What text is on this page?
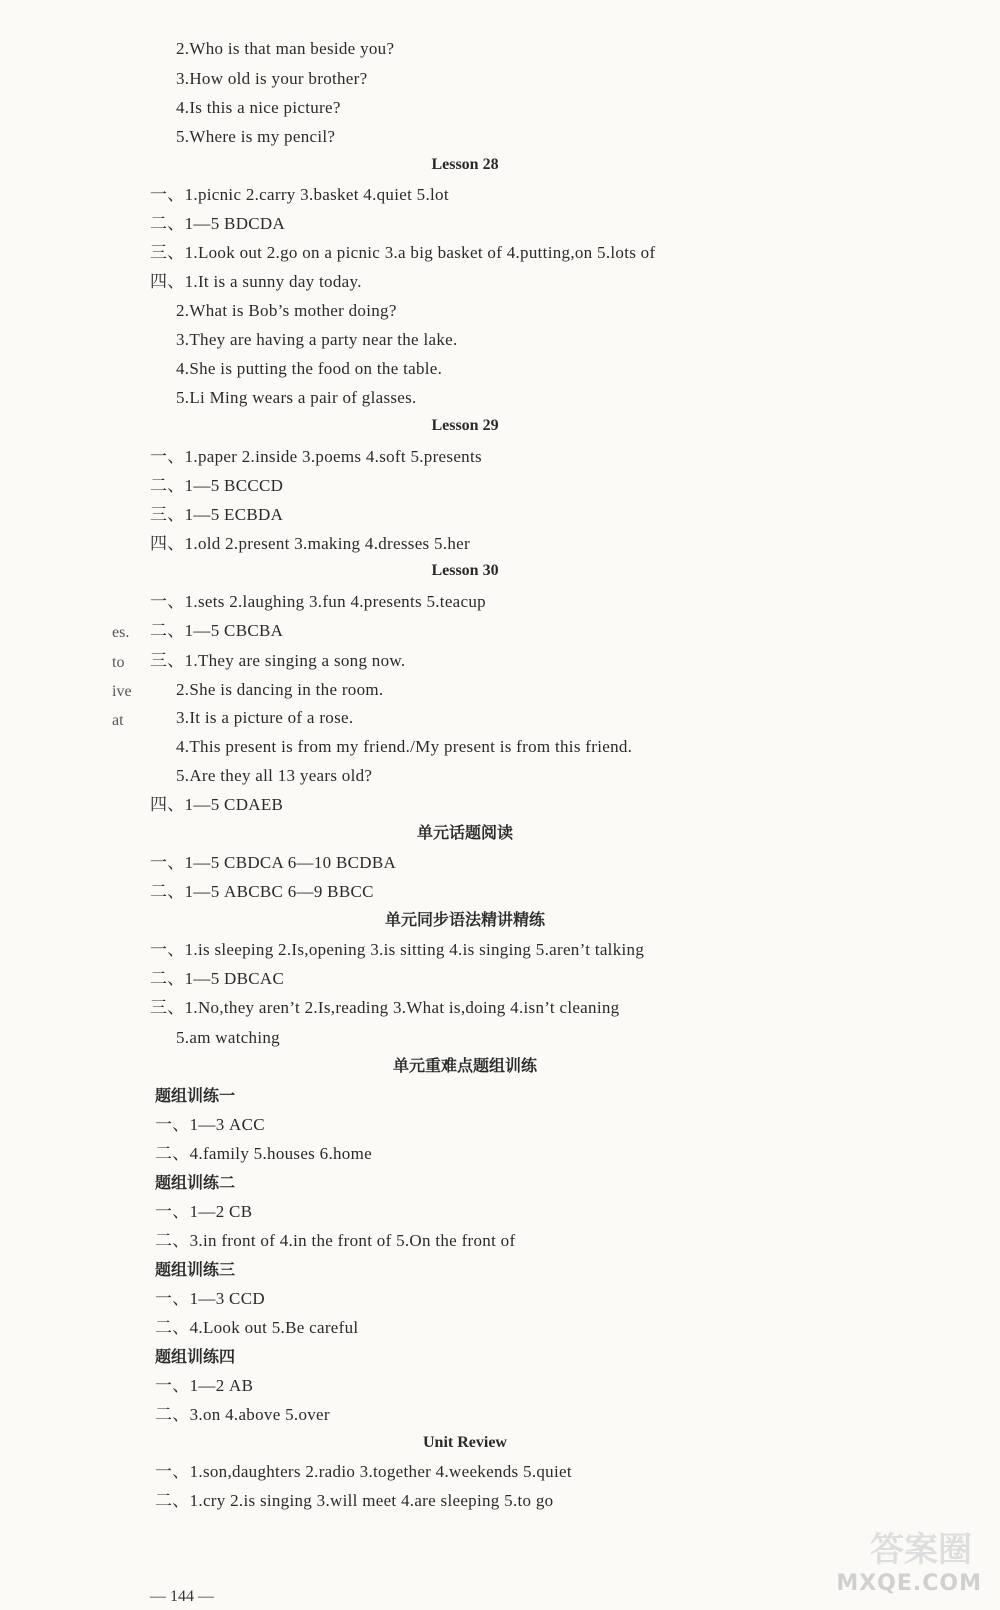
es.
to
ive
at
2.Who is that man beside you?
3.How old is your brother?
4.Is this a nice picture?
5.Where is my pencil?
Lesson 28
一、1.picnic 2.carry 3.basket 4.quiet 5.lot
二、1—5 BDCDA
三、1.Look out 2.go on a picnic 3.a big basket of 4.putting,on 5.lots of
四、1.It is a sunny day today.
2.What is Bob’s mother doing?
3.They are having a party near the lake.
4.She is putting the food on the table.
5.Li Ming wears a pair of glasses.
Lesson 29
一、1.paper 2.inside 3.poems 4.soft 5.presents
二、1—5 BCCCD
三、1—5 ECBDA
四、1.old 2.present 3.making 4.dresses 5.her
Lesson 30
一、1.sets 2.laughing 3.fun 4.presents 5.teacup
二、1—5 CBCBA
三、1.They are singing a song now.
2.She is dancing in the room.
3.It is a picture of a rose.
4.This present is from my friend./My present is from this friend.
5.Are they all 13 years old?
四、1—5 CDAEB
单元话题阅读
一、1—5 CBDCA 6—10 BCDBA
二、1—5 ABCBC 6—9 BBCC
单元同步语法精讲精练
一、1.is sleeping 2.Is,opening 3.is sitting 4.is singing 5.aren’t talking
二、1—5 DBCAC
三、1.No,they aren’t 2.Is,reading 3.What is,doing 4.isn’t cleaning
5.am watching
单元重难点题组训练
题组训练一
一、1—3 ACC
二、4.family 5.houses 6.home
题组训练二
一、1—2 CB
二、3.in front of 4.in the front of 5.On the front of
题组训练三
一、1—3 CCD
二、4.Look out 5.Be careful
题组训练四
一、1—2 AB
二、3.on 4.above 5.over
Unit Review
一、1.son,daughters 2.radio 3.together 4.weekends 5.quiet
二、1.cry 2.is singing 3.will meet 4.are sleeping 5.to go
— 144 —
答案圈
MXQE.COM
